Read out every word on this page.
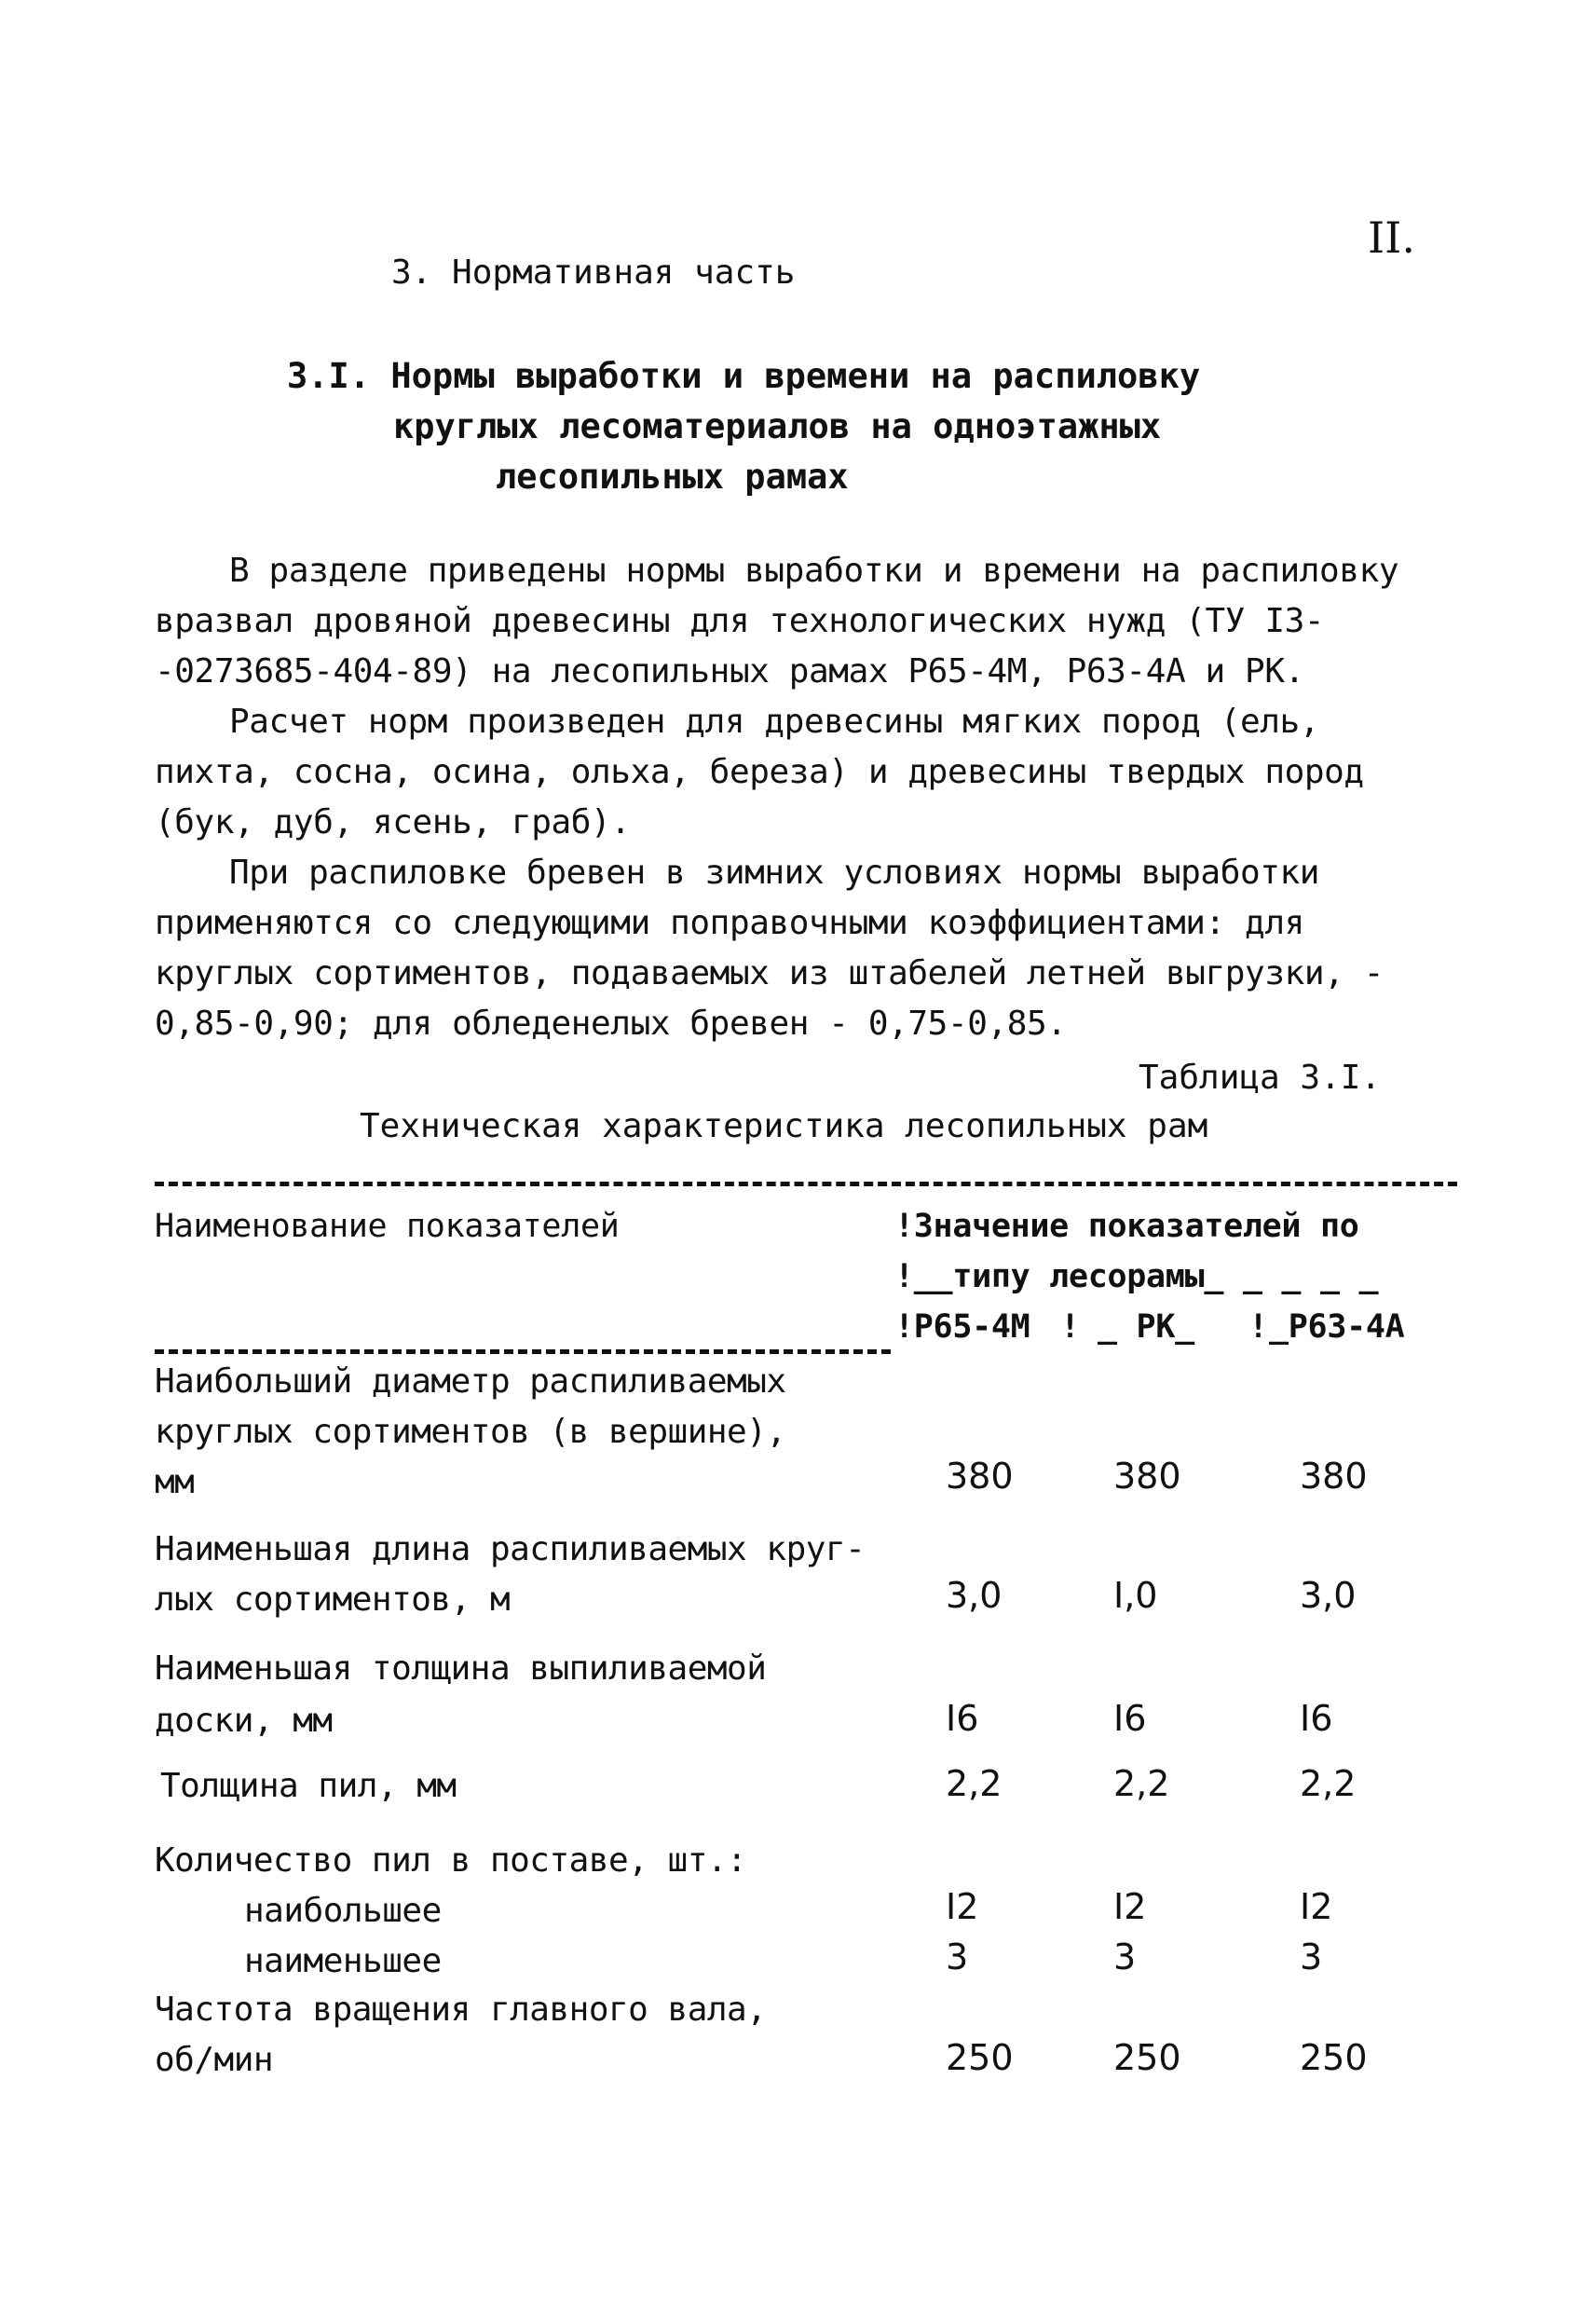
II.
3. Нормативная часть
3.I. Нормы выработки и времени на распиловку
круглых лесоматериалов на одноэтажных
лесопильных рамах
В разделе приведены нормы выработки и времени на распиловку
вразвал дровяной древесины для технологических нужд (ТУ I3-
-0273685-404-89) на лесопильных рамах Р65-4М, Р63-4А и РК.
Расчет норм произведен для древесины мягких пород (ель,
пихта, сосна, осина, ольха, береза) и древесины твердых пород
(бук, дуб, ясень, граб).
При распиловке бревен в зимних условиях нормы выработки
применяются со следующими поправочными коэффициентами: для
круглых сортиментов, подаваемых из штабелей летней выгрузки, -
0,85-0,90; для обледенелых бревен - 0,75-0,85.
Таблица 3.I.
Техническая характеристика лесопильных рам
Наименование показателей	!Значение показателей по
!__типу лесорамы_ _ _ _ _
!Р65-4М ! _ РК_ ! _Р63-4А
Наибольший диаметр распиливаемых
круглых сортиментов (в вершине),
мм	380	380	380
Наименьшая длина распиливаемых круг-
лых сортиментов, м	3,0	I,0	3,0
Наименьшая толщина выпиливаемой
доски, мм	I6	I6	I6
Толщина пил, мм	2,2	2,2	2,2
Количество пил в поставе, шт.:
наибольшее	I2	I2	I2
наименьшее	3	3	3
Частота вращения главного вала,
об/мин	250	250	250
